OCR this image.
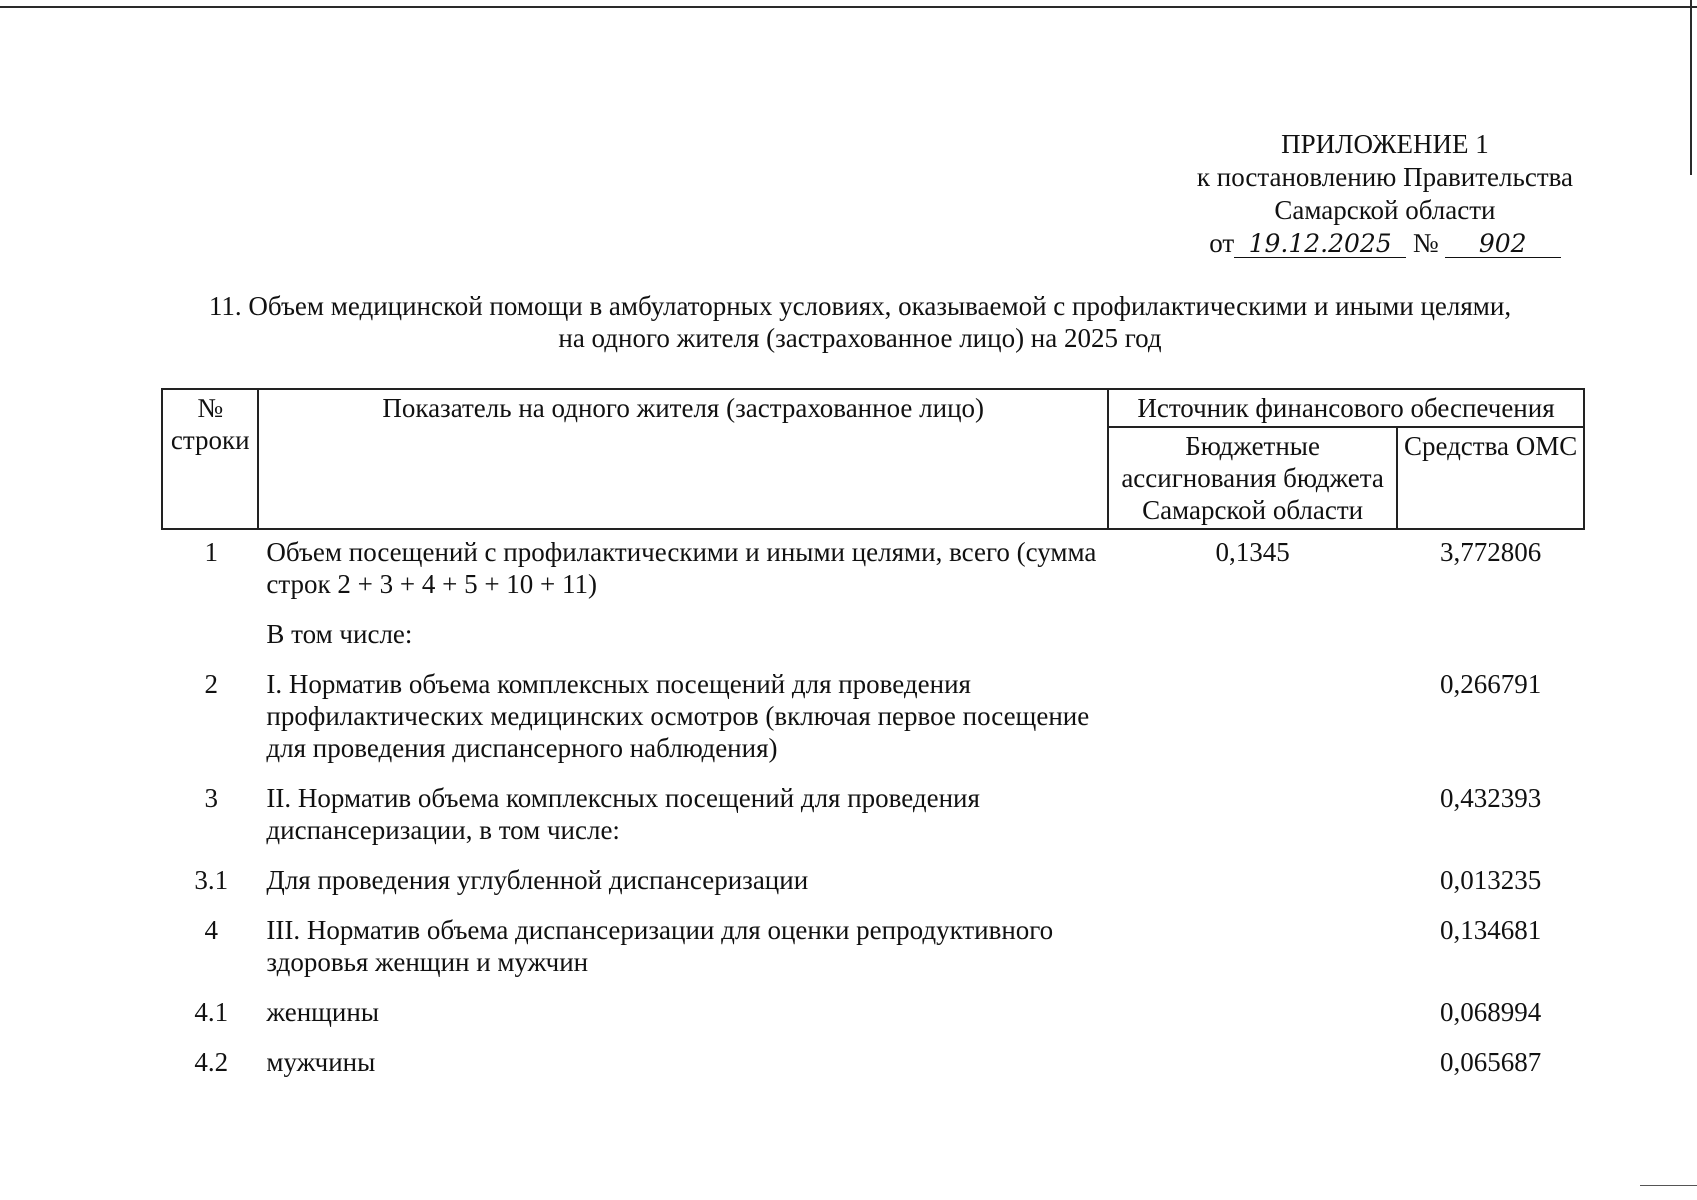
ПРИЛОЖЕНИЕ 1
к постановлению Правительства
Самарской области
от 19.12.2025 № 902
11. Объем медицинской помощи в амбулаторных условиях, оказываемой с профилактическими и иными целями,
на одного жителя (застрахованное лицо) на 2025 год
№ строки	Показатель на одного жителя (застрахованное лицо)	Источник финансового обеспечения	
		Бюджетные ассигнования бюджета Самарской области	Средства ОМС
1	Объем посещений с профилактическими и иными целями, всего (сумма строк 2 + 3 + 4 + 5 + 10 + 11)	0,1345	3,772806
	В том числе:		
2	I. Норматив объема комплексных посещений для проведения профилактических медицинских осмотров (включая первое посещение для проведения диспансерного наблюдения)		0,266791
3	II. Норматив объема комплексных посещений для проведения диспансеризации, в том числе:		0,432393
3.1	Для проведения углубленной диспансеризации		0,013235
4	III. Норматив объема диспансеризации для оценки репродуктивного здоровья женщин и мужчин		0,134681
4.1	женщины		0,068994
4.2	мужчины		0,065687
